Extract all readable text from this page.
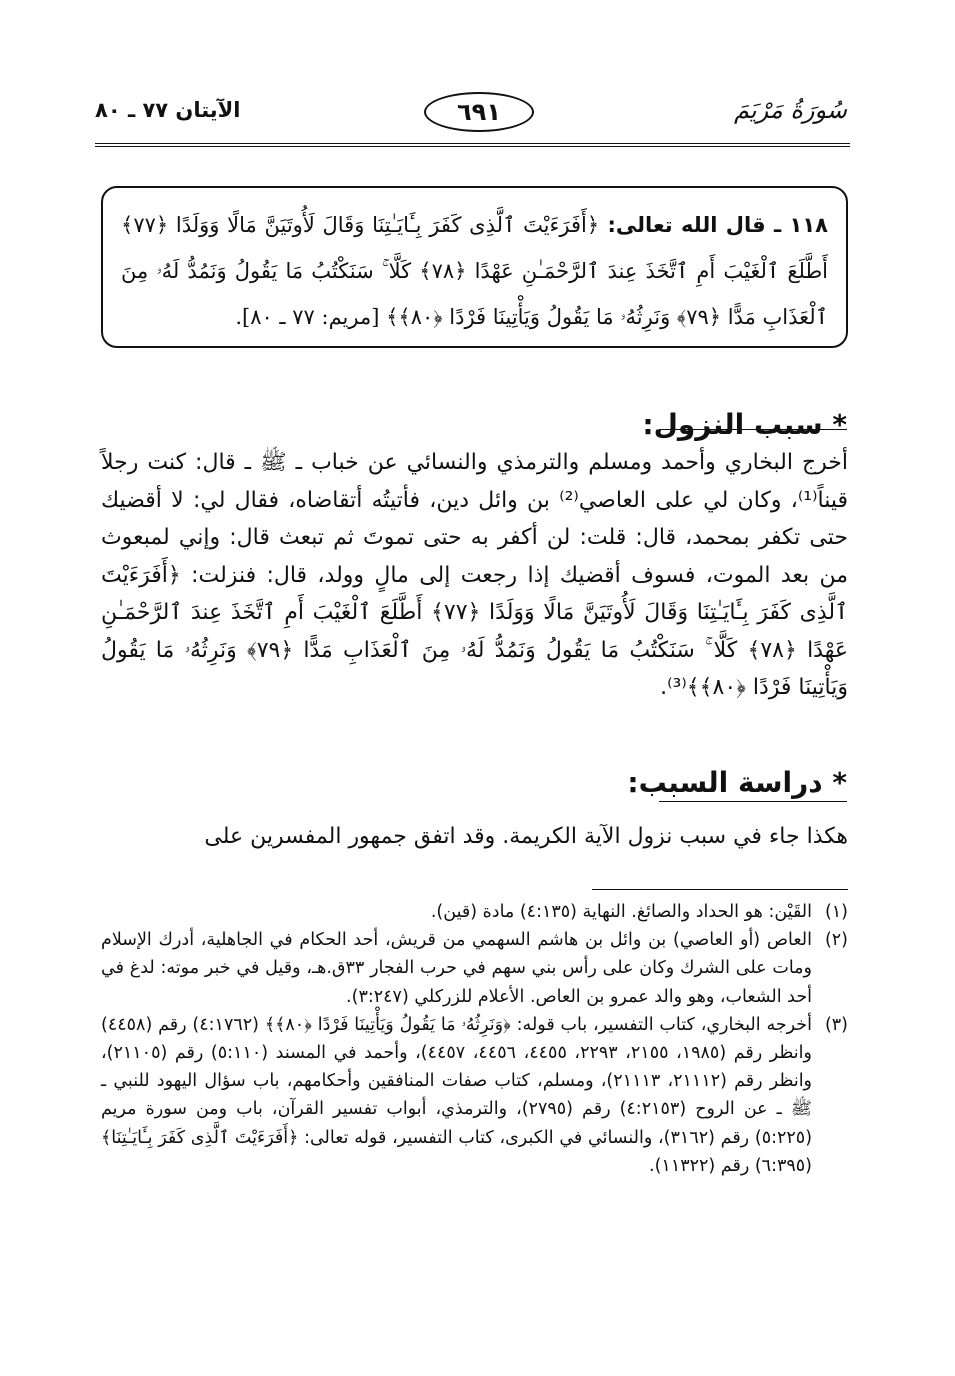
سُورَةُ مَرْيَمَ
٦٩١
الآيتان ٧٧ ـ ٨٠
١١٨ ـ قال الله تعالى: ﴿أَفَرَءَيْتَ ٱلَّذِى كَفَرَ بِـَٔايَـٰتِنَا وَقَالَ لَأُوتَيَنَّ مَالًا وَوَلَدًا ﴿٧٧﴾ أَطَّلَعَ ٱلْغَيْبَ أَمِ ٱتَّخَذَ عِندَ ٱلرَّحْمَـٰنِ عَهْدًا ﴿٧٨﴾ كَلَّا ۚ سَنَكْتُبُ مَا يَقُولُ وَنَمُدُّ لَهُۥ مِنَ ٱلْعَذَابِ مَدًّا ﴿٧٩﴾ وَنَرِثُهُۥ مَا يَقُولُ وَيَأْتِينَا فَرْدًا ﴿٨٠﴾﴾ [مريم: ٧٧ ـ ٨٠].
* سبب النزول:
أخرج البخاري وأحمد ومسلم والترمذي والنسائي عن خباب ـ ﷺ ـ قال: كنت رجلاً قيناً⁽¹⁾، وكان لي على العاصي⁽²⁾ بن وائل دين، فأتيتُه أتقاضاه، فقال لي: لا أقضيك حتى تكفر بمحمد، قال: قلت: لن أكفر به حتى تموتَ ثم تبعث قال: وإني لمبعوث من بعد الموت، فسوف أقضيك إذا رجعت إلى مالٍ وولد، قال: فنزلت: ﴿أَفَرَءَيْتَ ٱلَّذِى كَفَرَ بِـَٔايَـٰتِنَا وَقَالَ لَأُوتَيَنَّ مَالًا وَوَلَدًا ﴿٧٧﴾ أَطَّلَعَ ٱلْغَيْبَ أَمِ ٱتَّخَذَ عِندَ ٱلرَّحْمَـٰنِ عَهْدًا ﴿٧٨﴾ كَلَّا ۚ سَنَكْتُبُ مَا يَقُولُ وَنَمُدُّ لَهُۥ مِنَ ٱلْعَذَابِ مَدًّا ﴿٧٩﴾ وَنَرِثُهُۥ مَا يَقُولُ وَيَأْتِينَا فَرْدًا ﴿٨٠﴾﴾⁽³⁾.
* دراسة السبب:
هكذا جاء في سبب نزول الآية الكريمة. وقد اتفق جمهور المفسرين على
(١)
القَيْن: هو الحداد والصائغ. النهاية (٤:١٣٥) مادة (قين).
(٢)
العاص (أو العاصي) بن وائل بن هاشم السهمي من قريش، أحد الحكام في الجاهلية، أدرك الإسلام ومات على الشرك وكان على رأس بني سهم في حرب الفجار ٣٣ق.هـ، وقيل في خبر موته: لدغ في أحد الشعاب، وهو والد عمرو بن العاص. الأعلام للزركلي (٣:٢٤٧).
(٣)
أخرجه البخاري، كتاب التفسير، باب قوله: ﴿وَنَرِثُهُۥ مَا يَقُولُ وَيَأْتِينَا فَرْدًا ﴿٨٠﴾﴾ (٤:١٧٦٢) رقم (٤٤٥٨) وانظر رقم (١٩٨٥، ٢١٥٥، ٢٢٩٣، ٤٤٥٥، ٤٤٥٦، ٤٤٥٧)، وأحمد في المسند (٥:١١٠) رقم (٢١١٠٥)، وانظر رقم (٢١١١٢، ٢١١١٣)، ومسلم، كتاب صفات المنافقين وأحكامهم، باب سؤال اليهود للنبي ـ ﷺ ـ عن الروح (٤:٢١٥٣) رقم (٢٧٩٥)، والترمذي، أبواب تفسير القرآن، باب ومن سورة مريم (٥:٢٢٥) رقم (٣١٦٢)، والنسائي في الكبرى، كتاب التفسير، قوله تعالى: ﴿أَفَرَءَيْتَ ٱلَّذِى كَفَرَ بِـَٔايَـٰتِنَا﴾ (٦:٣٩٥) رقم (١١٣٢٢).
